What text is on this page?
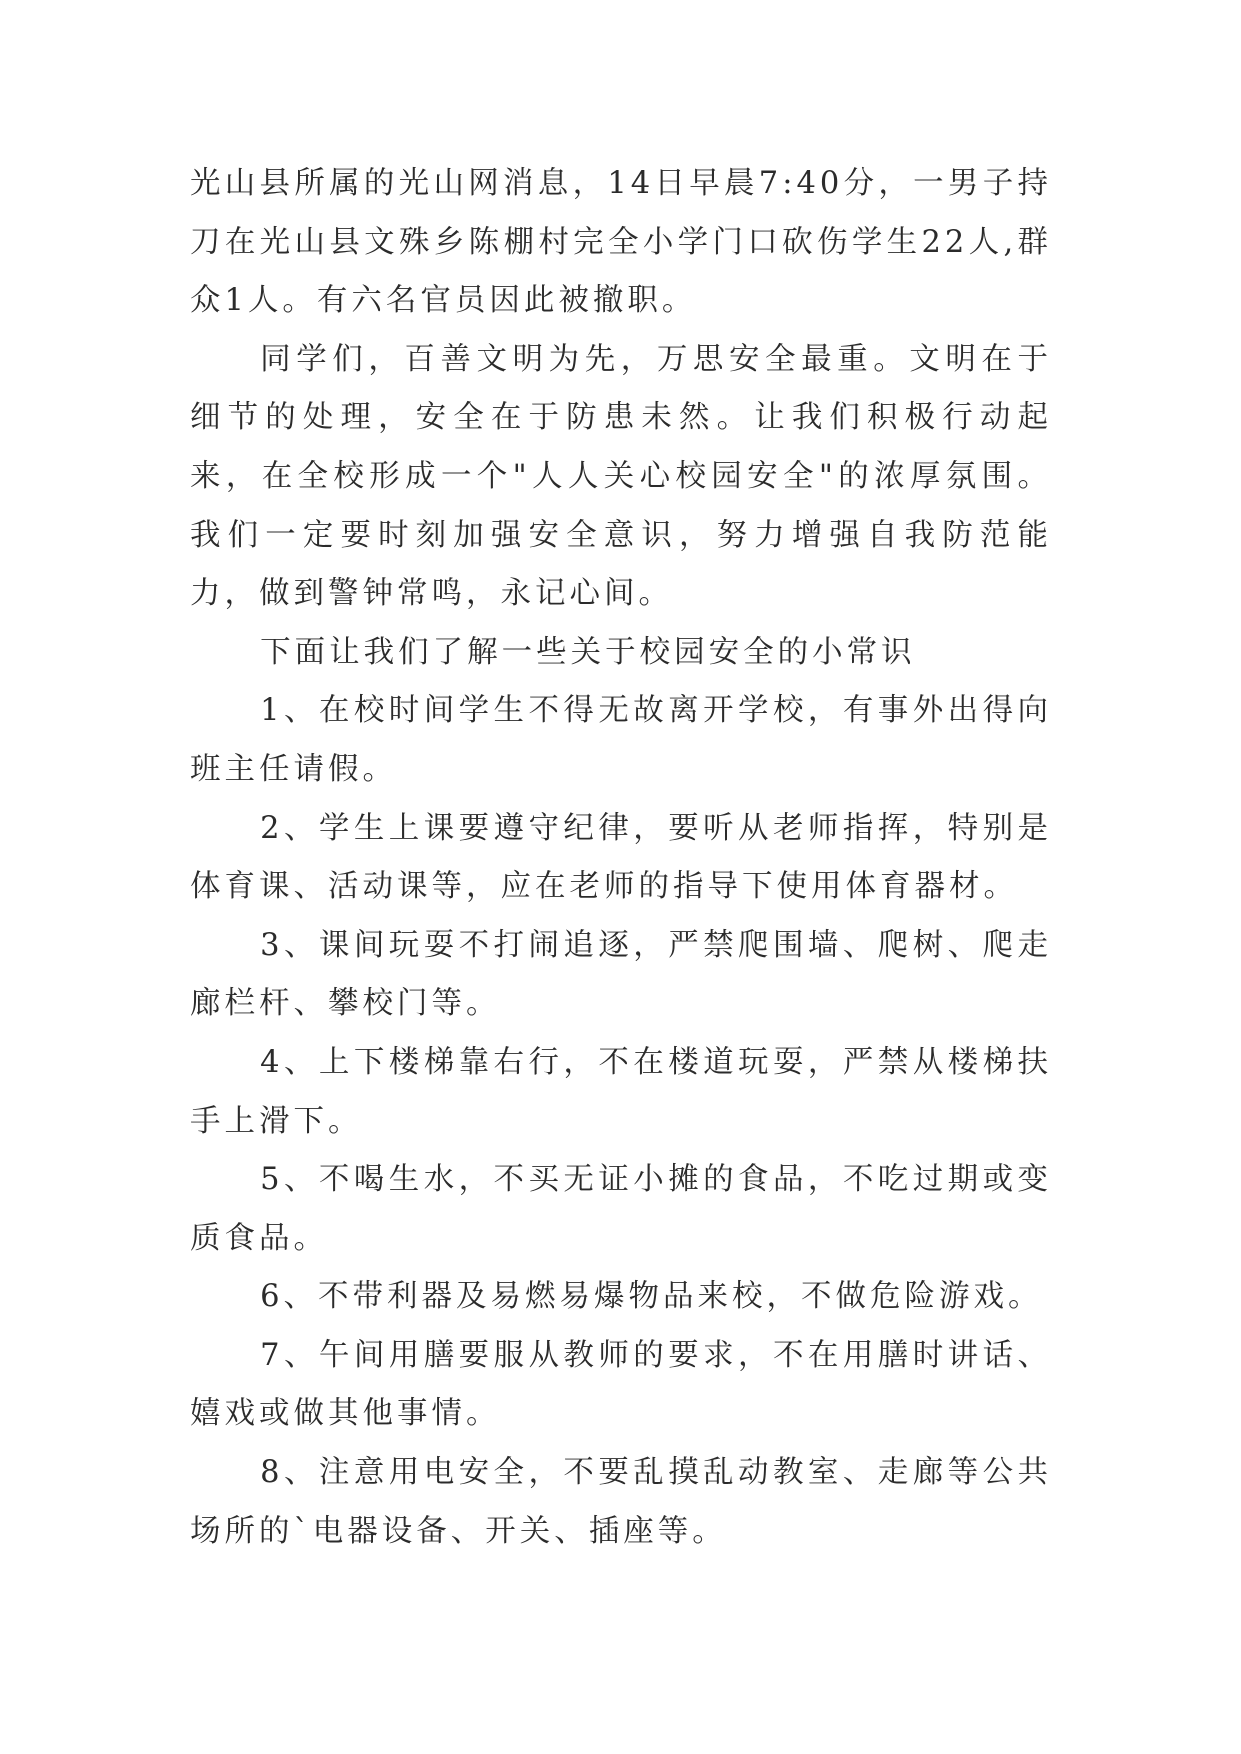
光山县所属的光山网消息，14日早晨7:40分，一男子持刀在光山县文殊乡陈棚村完全小学门口砍伤学生22人,群众1人。有六名官员因此被撤职。

同学们，百善文明为先，万思安全最重。文明在于细节的处理，安全在于防患未然。让我们积极行动起来，在全校形成一个"人人关心校园安全"的浓厚氛围。我们一定要时刻加强安全意识，努力增强自我防范能力，做到警钟常鸣，永记心间。

下面让我们了解一些关于校园安全的小常识

1、在校时间学生不得无故离开学校，有事外出得向班主任请假。

2、学生上课要遵守纪律，要听从老师指挥，特别是体育课、活动课等，应在老师的指导下使用体育器材。

3、课间玩耍不打闹追逐，严禁爬围墙、爬树、爬走廊栏杆、攀校门等。

4、上下楼梯靠右行，不在楼道玩耍，严禁从楼梯扶手上滑下。

5、不喝生水，不买无证小摊的食品，不吃过期或变质食品。

6、不带利器及易燃易爆物品来校，不做危险游戏。

7、午间用膳要服从教师的要求，不在用膳时讲话、嬉戏或做其他事情。

8、注意用电安全，不要乱摸乱动教室、走廊等公共场所的`电器设备、开关、插座等。
